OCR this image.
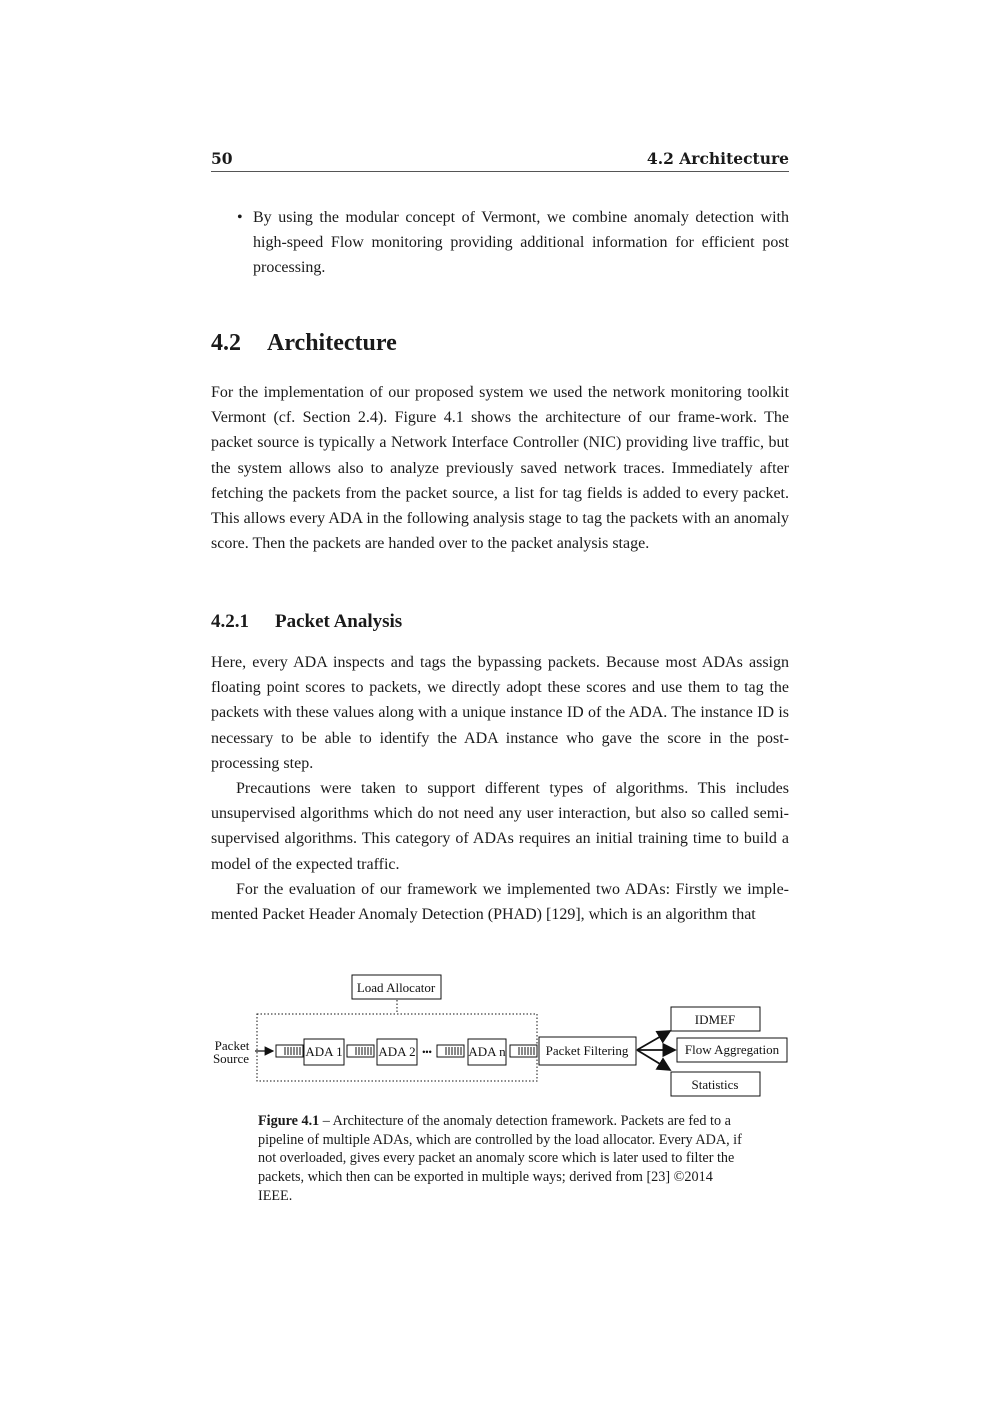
50	4.2 Architecture
• By using the modular concept of Vermont, we combine anomaly detection with high-speed Flow monitoring providing additional information for efficient post processing.
4.2 Architecture
For the implementation of our proposed system we used the network monitoring toolkit Vermont (cf. Section 2.4). Figure 4.1 shows the architecture of our frame-work. The packet source is typically a Network Interface Controller (NIC) providing live traffic, but the system allows also to analyze previously saved network traces. Immediately after fetching the packets from the packet source, a list for tag fields is added to every packet. This allows every ADA in the following analysis stage to tag the packets with an anomaly score. Then the packets are handed over to the packet analysis stage.
4.2.1 Packet Analysis
Here, every ADA inspects and tags the bypassing packets. Because most ADAs assign floating point scores to packets, we directly adopt these scores and use them to tag the packets with these values along with a unique instance ID of the ADA. The instance ID is necessary to be able to identify the ADA instance who gave the score in the post-processing step.
Precautions were taken to support different types of algorithms. This includes unsupervised algorithms which do not need any user interaction, but also so called semi-supervised algorithms. This category of ADAs requires an initial training time to build a model of the expected traffic.
For the evaluation of our framework we implemented two ADAs: Firstly we imple-mented Packet Header Anomaly Detection (PHAD) [129], which is an algorithm that
Load Allocator
Packet
Source	ADA 1	ADA 2 •••	ADA n	Packet Filtering
IDMEF
Flow Aggregation
Statistics
Figure 4.1 – Architecture of the anomaly detection framework. Packets are fed to a pipeline of multiple ADAs, which are controlled by the load allocator. Every ADA, if not overloaded, gives every packet an anomaly score which is later used to filter the packets, which then can be exported in multiple ways; derived from [23] ©2014 IEEE.
